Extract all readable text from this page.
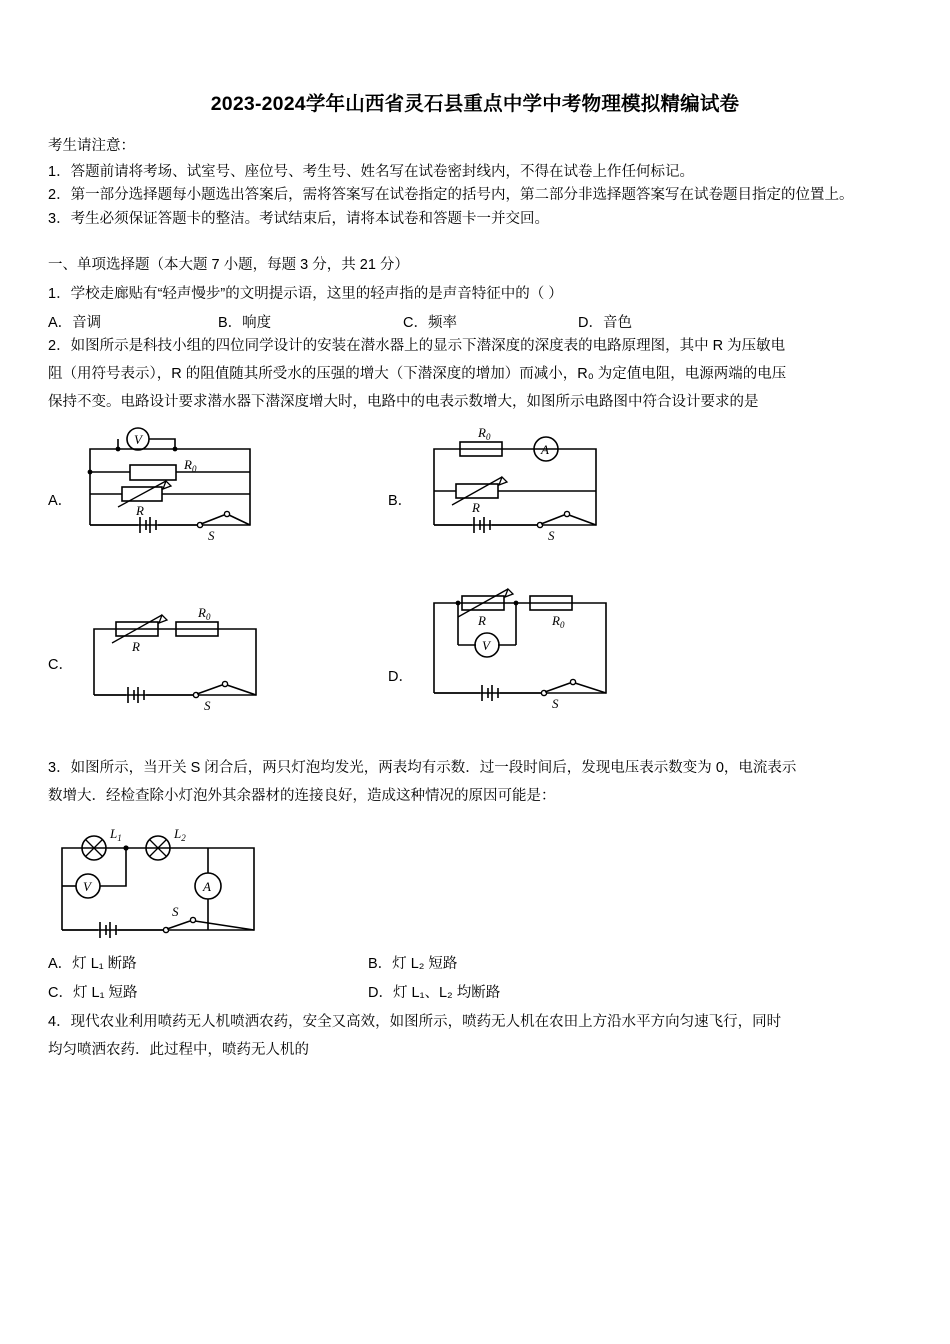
2023-2024学年山西省灵石县重点中学中考物理模拟精编试卷
考生请注意：
1．答题前请将考场、试室号、座位号、考生号、姓名写在试卷密封线内，不得在试卷上作任何标记。
2．第一部分选择题每小题选出答案后，需将答案写在试卷指定的括号内，第二部分非选择题答案写在试卷题目指定的位置上。
3．考生必须保证答题卡的整洁。考试结束后，请将本试卷和答题卡一并交回。
一、单项选择题（本大题 7 小题，每题 3 分，共 21 分）
1．学校走廊贴有“轻声慢步”的文明提示语，这里的轻声指的是声音特征中的（ ）
A．音调	B．响度	C．频率	D．音色
2．如图所示是科技小组的四位同学设计的安装在潜水器上的显示下潜深度的深度表的电路原理图，其中 R 为压敏电
阻（用符号表示），R 的阻值随其所受水的压强的增大（下潜深度的增加）而减小，R₀ 为定值电阻，电源两端的电压
保持不变。电路设计要求潜水器下潜深度增大时，电路中的电表示数增大，如图所示电路图中符合设计要求的是
A．
V
$R_0$
R
S
B．
$R_0$
A
R
S
C．
R
$R_0$
S
D．
R	$R_0$
V
S
3．如图所示，当开关 S 闭合后，两只灯泡均发光，两表均有示数．过一段时间后，发现电压表示数变为 0，电流表示
数增大．经检查除小灯泡外其余器材的连接良好，造成这种情况的原因可能是：
$L_1$	$L_2$
V	A
S
A．灯 L₁ 断路	B．灯 L₂ 短路
C．灯 L₁ 短路	D．灯 L₁、L₂ 均断路
4．现代农业利用喷药无人机喷洒农药，安全又高效，如图所示，喷药无人机在农田上方沿水平方向匀速飞行，同时
均匀喷洒农药．此过程中，喷药无人机的
